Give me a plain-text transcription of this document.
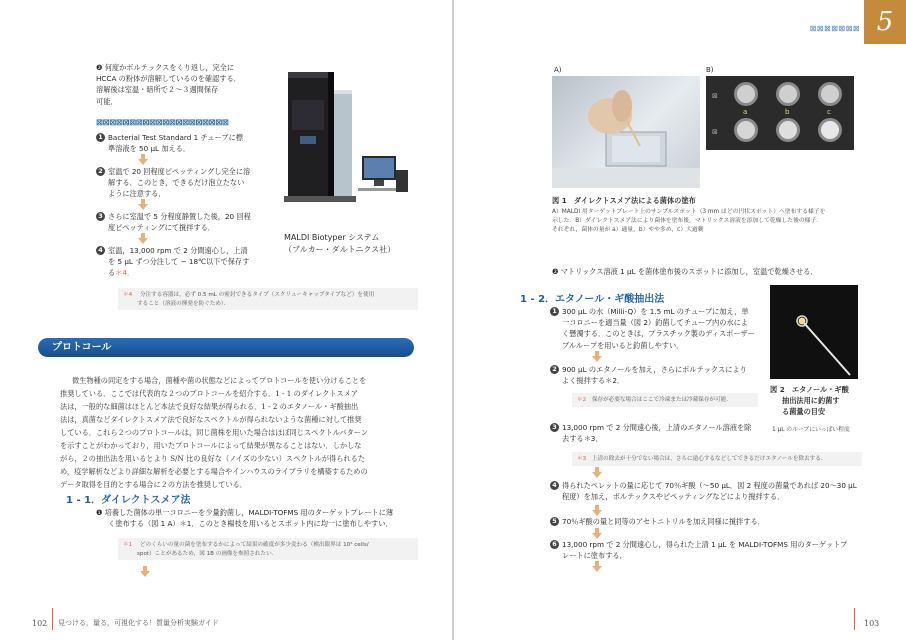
❷ 何度かボルテックスをくり返し，完全に
HCCA の粉体が溶解しているのを確認する．
溶解後は室温・暗所で２〜３週間保存
可能．
⊠⊠⊠⊠⊠⊠⊠⊠⊠⊠⊠⊠⊠⊠⊠⊠⊠⊠⊠⊠
1 Bacterial Test Standard 1 チューブに標
準溶液を 50 μL 加える．
2 室温で 20 回程度ピペッティングし完全に溶
解する．このとき，できるだけ泡立たない
ように注意する．
3 さらに室温で 5 分程度静置した後，20 回程
度ピペッティングにて撹拌する．
4 室温，13,000 rpm で 2 分間遠心し，上清
を 5 μL ずつ分注して − 18℃以下で保存す
る＊4．
MALDI Biotyper システム
（ブルカー・ダルトニクス社）
＊4 分注する容器は，必ず 0.5 mL の密封できるタイプ（スクリューキャップタイプなど）を使用
すること（溶液の揮発を防ぐため）．
プロトコール
微生物種の同定をする場合，菌種や菌の状態などによってプロトコールを使い分けることを
推奨している．ここでは代表的な２つのプロトコールを紹介する．1 - 1 のダイレクトスメア
法は，一般的な細菌はほとんど本法で良好な結果が得られる．1 - 2 のエタノール・ギ酸抽出
法は，真菌などダイレクトスメア法で良好なスペクトルが得られないような菌種に対して推奨
している．これら２つのプロトコールは，同じ菌株を用いた場合はほぼ同じスペクトルパターン
を示すことがわかっており，用いたプロトコールによって結果が異なることはない．しかしな
がら，２の抽出法を用いるとより S/N 比の良好な（ノイズの少ない）スペクトルが得られるた
め，疫学解析などより詳細な解析を必要とする場合やインハウスのライブラリを構築するための
データ取得を目的とする場合に２の方法を推奨している．
1 - 1．ダイレクトスメア法
❶ 培養した菌体の単一コロニーを少量釣菌し，MALDI-TOFMS 用のターゲットプレートに薄
く塗布する（図 1 A）＊1．このとき楊枝を用いるとスポット内に均一に塗布しやすい．
＊1 どのくらいの量の菌を塗布するかによって結果の確度が多少変わる（検出限界は 10⁵ cells/
spot）ことがあるため，図 1B の画像を参照されたい．
102 見つける，量る，可視化する！質量分析実験ガイド
⊠⊠⊠⊠⊠⊠⊠ 5
A)	B)
⊠
⊠
a	b	c
図 1　ダイレクトスメア法による菌体の塗布
A）MALDI 用ターゲットプレート上のサンプルスポット（3 mm ほどの円状スポット）へ塗布する様子を
示した．B）ダイレクトスメア法により菌体を塗布後，マトリックス溶液を添加して乾燥した後の様子．
それぞれ，菌体の量が a）適量，b）やや多め，c）大過剰
❷ マトリックス溶液 1 μL を菌体塗布後のスポットに添加し，室温で乾燥させる．
1 - 2．エタノール・ギ酸抽出法
1 300 μL の水（Milli-Q）を 1.5 mL のチューブに加え，単
一コロニーを適当量（図 2）釣菌してチューブ内の水によ
く懸濁する．このときは，プラスチック製のディスポーザー
ブルループを用いると釣菌しやすい．
2 900 μL のエタノールを加え，さらにボルテックスにより
よく撹拌する＊2．
＊2 保存が必要な場合はここで冷凍または冷蔵保存が可能．
3 13,000 rpm で 2 分間遠心後，上清のエタノール溶液を除
去する＊3．
＊3 上清の除去が十分でない場合は，さらに遠心するなどしてできるだけエタノールを除去する．
4 得られたペレットの量に応じて 70％ギ酸（〜50 μL．図 2 程度の菌量であれば 20〜30 μL
程度）を加え，ボルテックスやピペッティングなどにより撹拌する．
5 70％ギ酸の量と同等のアセトニトリルを加え同様に撹拌する．
6 13,000 rpm で 2 分間遠心し，得られた上清 1 μL を MALDI-TOFMS 用のターゲットプ
レートに塗布する．
図 2　エタノール・ギ酸
抽出法用に釣菌す
る菌量の目安
1 μL のループにいっぱい程度
103
